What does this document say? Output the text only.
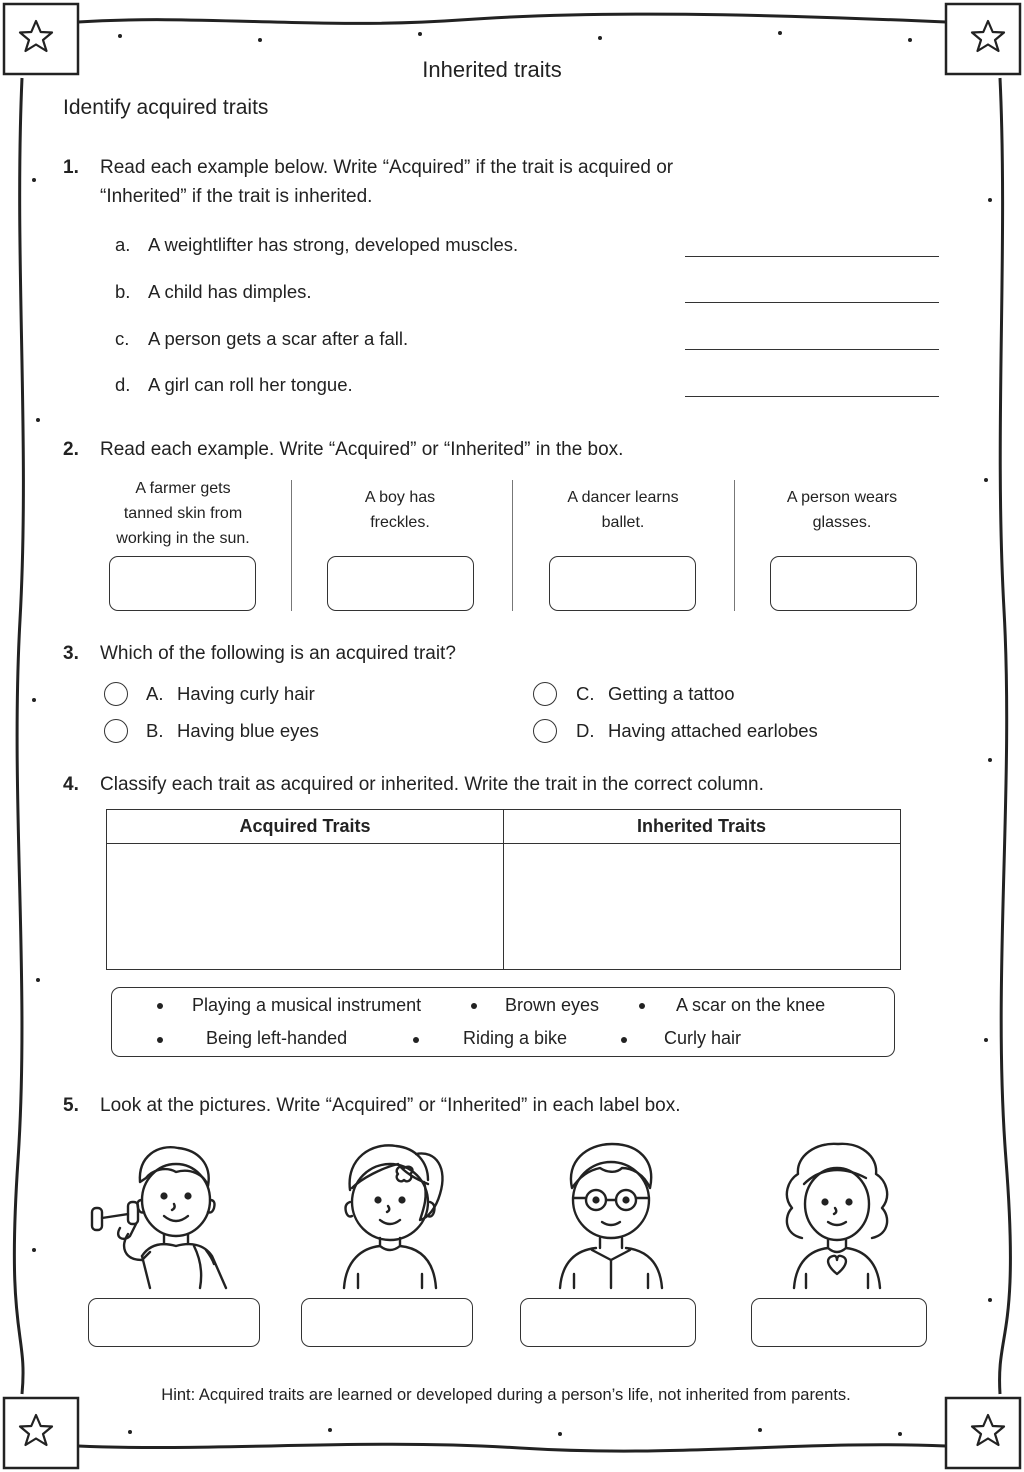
Inherited traits
Identify acquired traits
1. Read each example below. Write “Acquired” if the trait is acquired or
“Inherited” if the trait is inherited.
a. A weightlifter has strong, developed muscles.
b. A child has dimples.
c. A person gets a scar after a fall.
d. A girl can roll her tongue.
2. Read each example. Write “Acquired” or “Inherited” in the box.
A farmer gets
tanned skin from
working in the sun.
A boy has
freckles.
A dancer learns
ballet.
A person wears
glasses.
3. Which of the following is an acquired trait?
A. Having curly hair
B. Having blue eyes
C. Getting a tattoo
D. Having attached earlobes
4. Classify each trait as acquired or inherited. Write the trait in the correct column.
Acquired Traits	Inherited Traits
Playing a musical instrument	Brown eyes	A scar on the knee
Being left-handed	Riding a bike	Curly hair
5. Look at the pictures. Write “Acquired” or “Inherited” in each label box.
Hint: Acquired traits are learned or developed during a person’s life, not inherited from parents.
